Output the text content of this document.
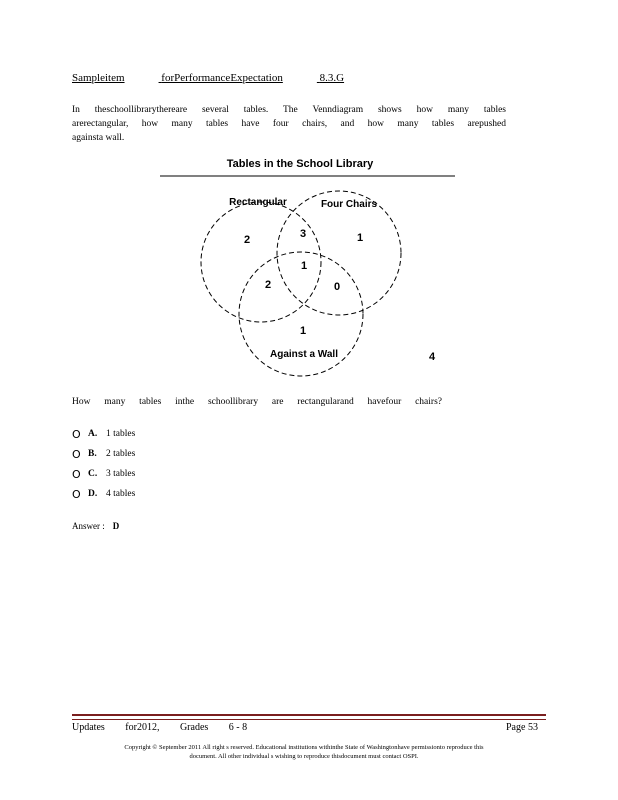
Sampleitem	forPerformanceExpectation	8.3.G
In theschoollibrarythereare several tables. The Venndiagram shows how many tables
arerectangular, how many tables have four chairs, and how many tables arepushed
againsta wall.
Tables in the School Library
Rectangular	Four Chairs
Against a Wall
2	3	1
1
2	0
1
4
How many tables inthe schoollibrary are rectangularand havefour chairs?
O A. 1 tables
O B. 2 tables
O C. 3 tables
O D. 4 tables
Answer : D
Updates for2012, Grades 6 - 8	Page 53
Copyright © September 2011 All right s reserved. Educational institutions withinthe State of Washingtonhave permissionto reproduce this
document. All other individual s wishing to reproduce thisdocument must contact OSPI.
